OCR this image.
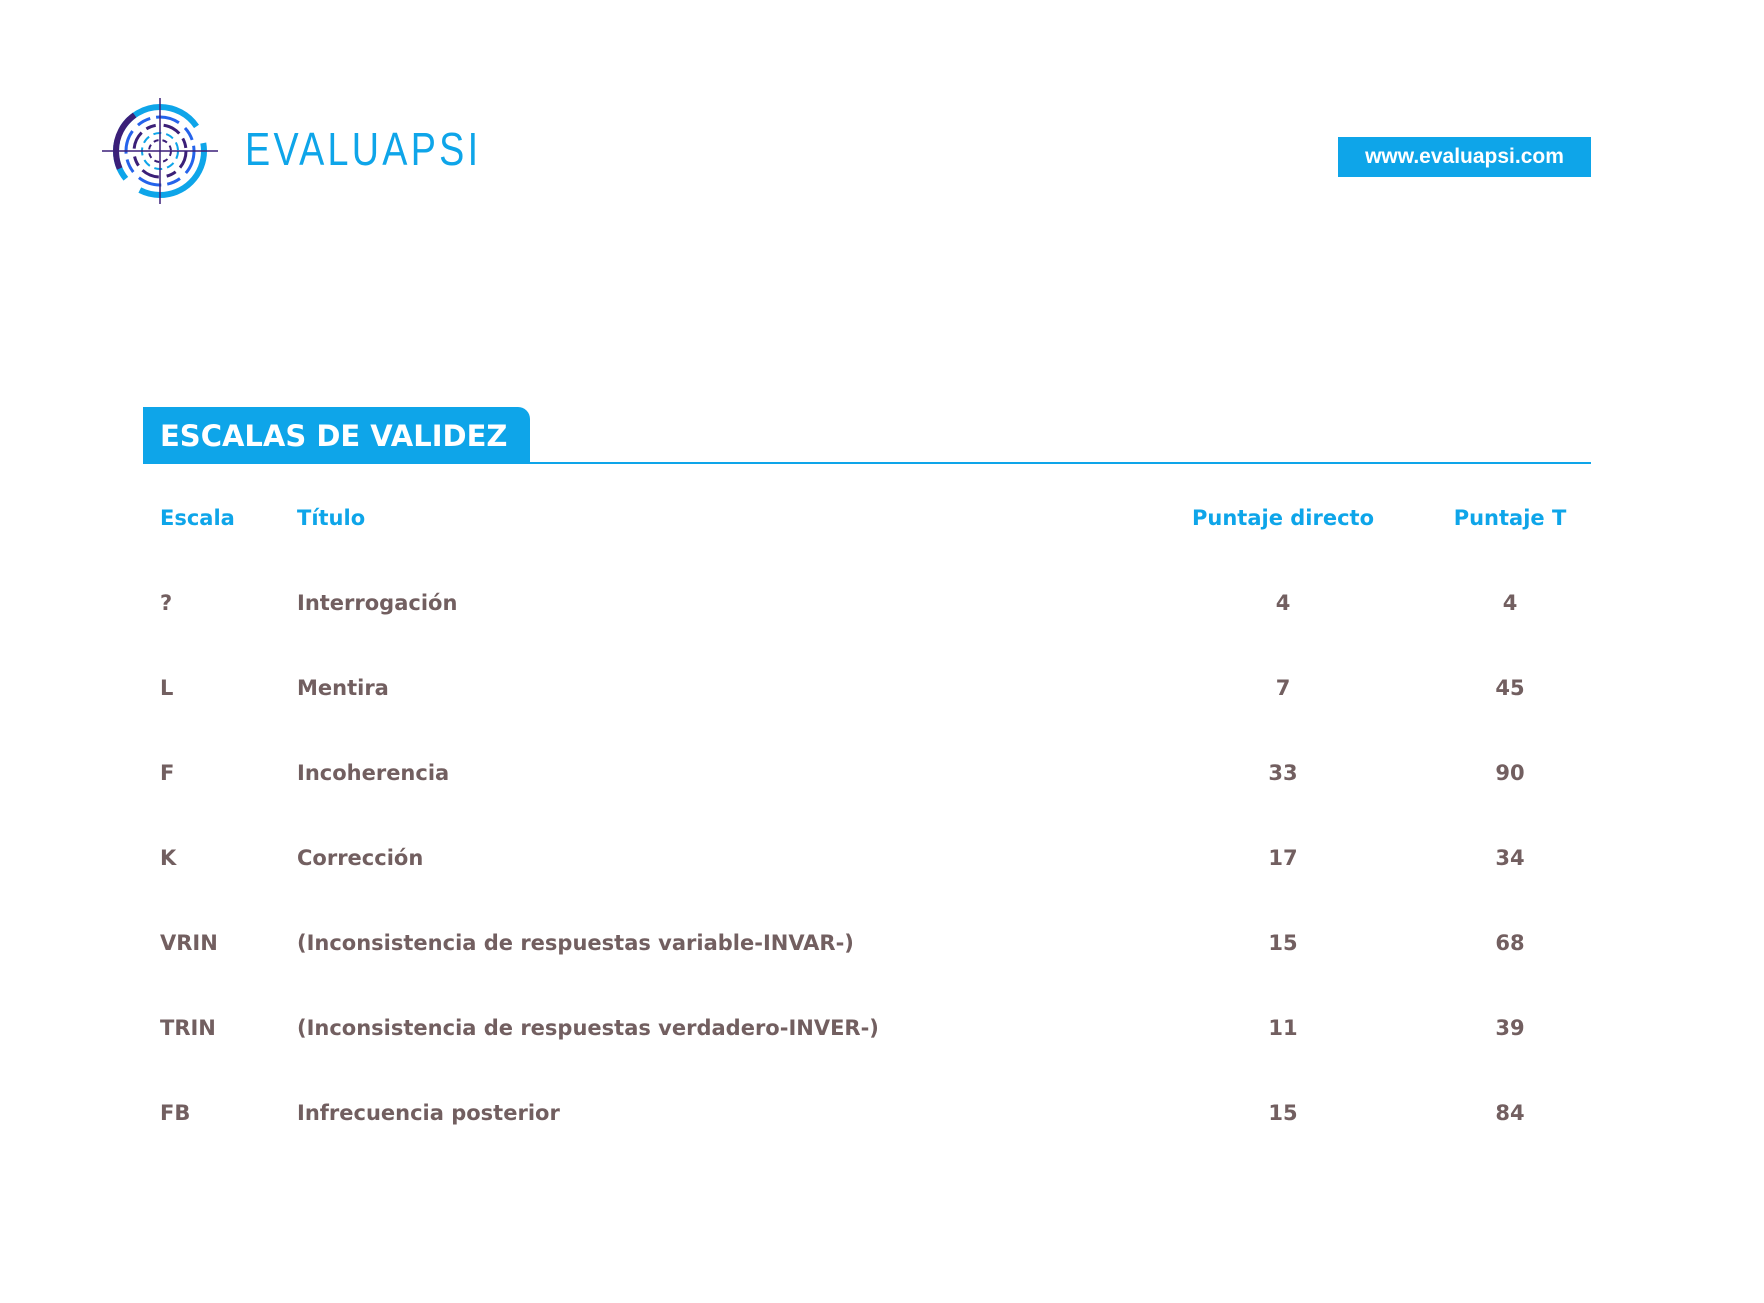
EVALUAPSI	www.evaluapsi.com
ESCALAS DE VALIDEZ
Escala	Título	Puntaje directo	Puntaje T
?	Interrogación	4	4
L	Mentira	7	45
F	Incoherencia	33	90
K	Corrección	17	34
VRIN	(Inconsistencia de respuestas variable-INVAR-)	15	68
TRIN	(Inconsistencia de respuestas verdadero-INVER-)	11	39
FB	Infrecuencia posterior	15	84
